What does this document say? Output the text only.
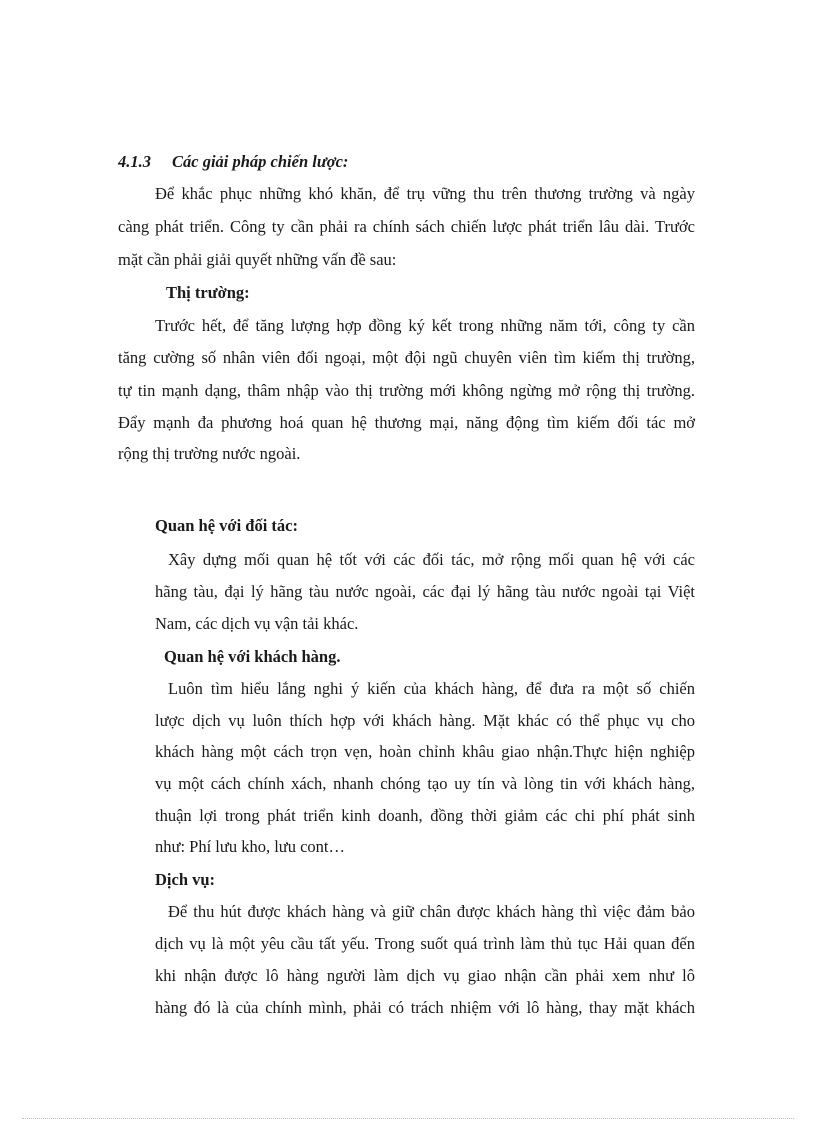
4.1.3 Các giải pháp chiến lược:
Để khắc phục những khó khăn, để trụ vững thu trên thương trường và ngày
càng phát triển. Công ty cần phải ra chính sách chiến lược phát triển lâu dài. Trước
mặt cần phải giải quyết những vấn đề sau:
Thị trường:
Trước hết, để tăng lượng hợp đồng ký kết trong những năm tới, công ty cần
tăng cường số nhân viên đối ngoại, một đội ngũ chuyên viên tìm kiếm thị trường,
tự tin mạnh dạng, thâm nhập vào thị trường mới không ngừng mở rộng thị trường.
Đẩy mạnh đa phương hoá quan hệ thương mại, năng động tìm kiếm đối tác mở
rộng thị trường nước ngoài.
Quan hệ với đối tác:
Xây dựng mối quan hệ tốt với các đối tác, mở rộng mối quan hệ với các
hãng tàu, đại lý hãng tàu nước ngoài, các đại lý hãng tàu nước ngoài tại Việt
Nam, các dịch vụ vận tải khác.
Quan hệ với khách hàng.
Luôn tìm hiểu lắng nghi ý kiến của khách hàng, để đưa ra một số chiến
lược dịch vụ luôn thích hợp với khách hàng. Mặt khác có thể phục vụ cho
khách hàng một cách trọn vẹn, hoàn chỉnh khâu giao nhận.Thực hiện nghiệp
vụ một cách chính xách, nhanh chóng tạo uy tín và lòng tin với khách hàng,
thuận lợi trong phát triển kinh doanh, đồng thời giảm các chi phí phát sinh
như: Phí lưu kho, lưu cont…
Dịch vụ:
Để thu hút được khách hàng và giữ chân được khách hàng thì việc đảm bảo
dịch vụ là một yêu cầu tất yếu. Trong suốt quá trình làm thủ tục Hải quan đến
khi nhận được lô hàng người làm dịch vụ giao nhận cần phải xem như lô
hàng đó là của chính mình, phải có trách nhiệm với lô hàng, thay mặt khách
